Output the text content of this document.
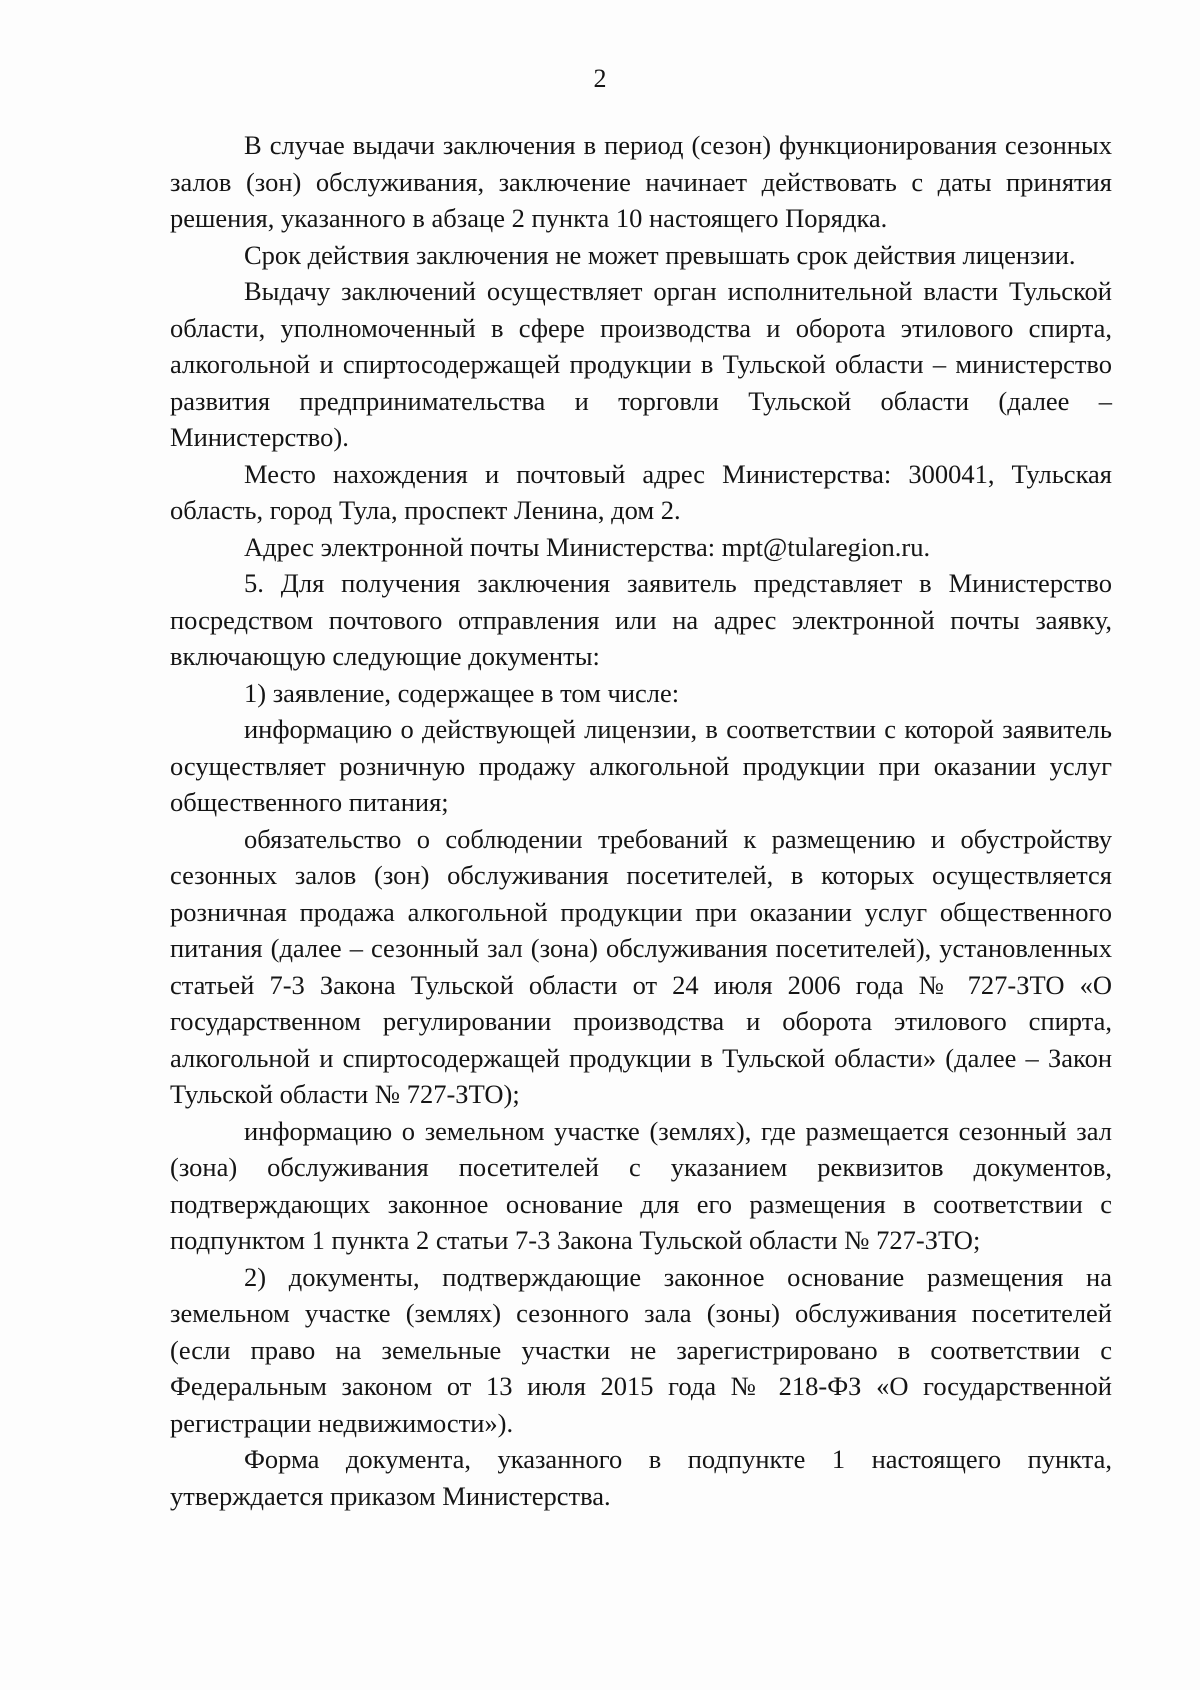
2

В случае выдачи заключения в период (сезон) функционирования сезонных залов (зон) обслуживания, заключение начинает действовать с даты принятия решения, указанного в абзаце 2 пункта 10 настоящего Порядка.

Срок действия заключения не может превышать срок действия лицензии.

Выдачу заключений осуществляет орган исполнительной власти Тульской области, уполномоченный в сфере производства и оборота этилового спирта, алкогольной и спиртосодержащей продукции в Тульской области – министерство развития предпринимательства и торговли Тульской области (далее – Министерство).

Место нахождения и почтовый адрес Министерства: 300041, Тульская область, город Тула, проспект Ленина, дом 2.

Адрес электронной почты Министерства: mpt@tularegion.ru.

5. Для получения заключения заявитель представляет в Министерство посредством почтового отправления или на адрес электронной почты заявку, включающую следующие документы:

1) заявление, содержащее в том числе:

информацию о действующей лицензии, в соответствии с которой заявитель осуществляет розничную продажу алкогольной продукции при оказании услуг общественного питания;

обязательство о соблюдении требований к размещению и обустройству сезонных залов (зон) обслуживания посетителей, в которых осуществляется розничная продажа алкогольной продукции при оказании услуг общественного питания (далее – сезонный зал (зона) обслуживания посетителей), установленных статьей 7-3 Закона Тульской области от 24 июля 2006 года № 727-ЗТО «О государственном регулировании производства и оборота этилового спирта, алкогольной и спиртосодержащей продукции в Тульской области» (далее – Закон Тульской области № 727-ЗТО);

информацию о земельном участке (землях), где размещается сезонный зал (зона) обслуживания посетителей с указанием реквизитов документов, подтверждающих законное основание для его размещения в соответствии с подпунктом 1 пункта 2 статьи 7-3 Закона Тульской области № 727-ЗТО;

2) документы, подтверждающие законное основание размещения на земельном участке (землях) сезонного зала (зоны) обслуживания посетителей (если право на земельные участки не зарегистрировано в соответствии с Федеральным законом от 13 июля 2015 года № 218-ФЗ «О государственной регистрации недвижимости»).

Форма документа, указанного в подпункте 1 настоящего пункта, утверждается приказом Министерства.
